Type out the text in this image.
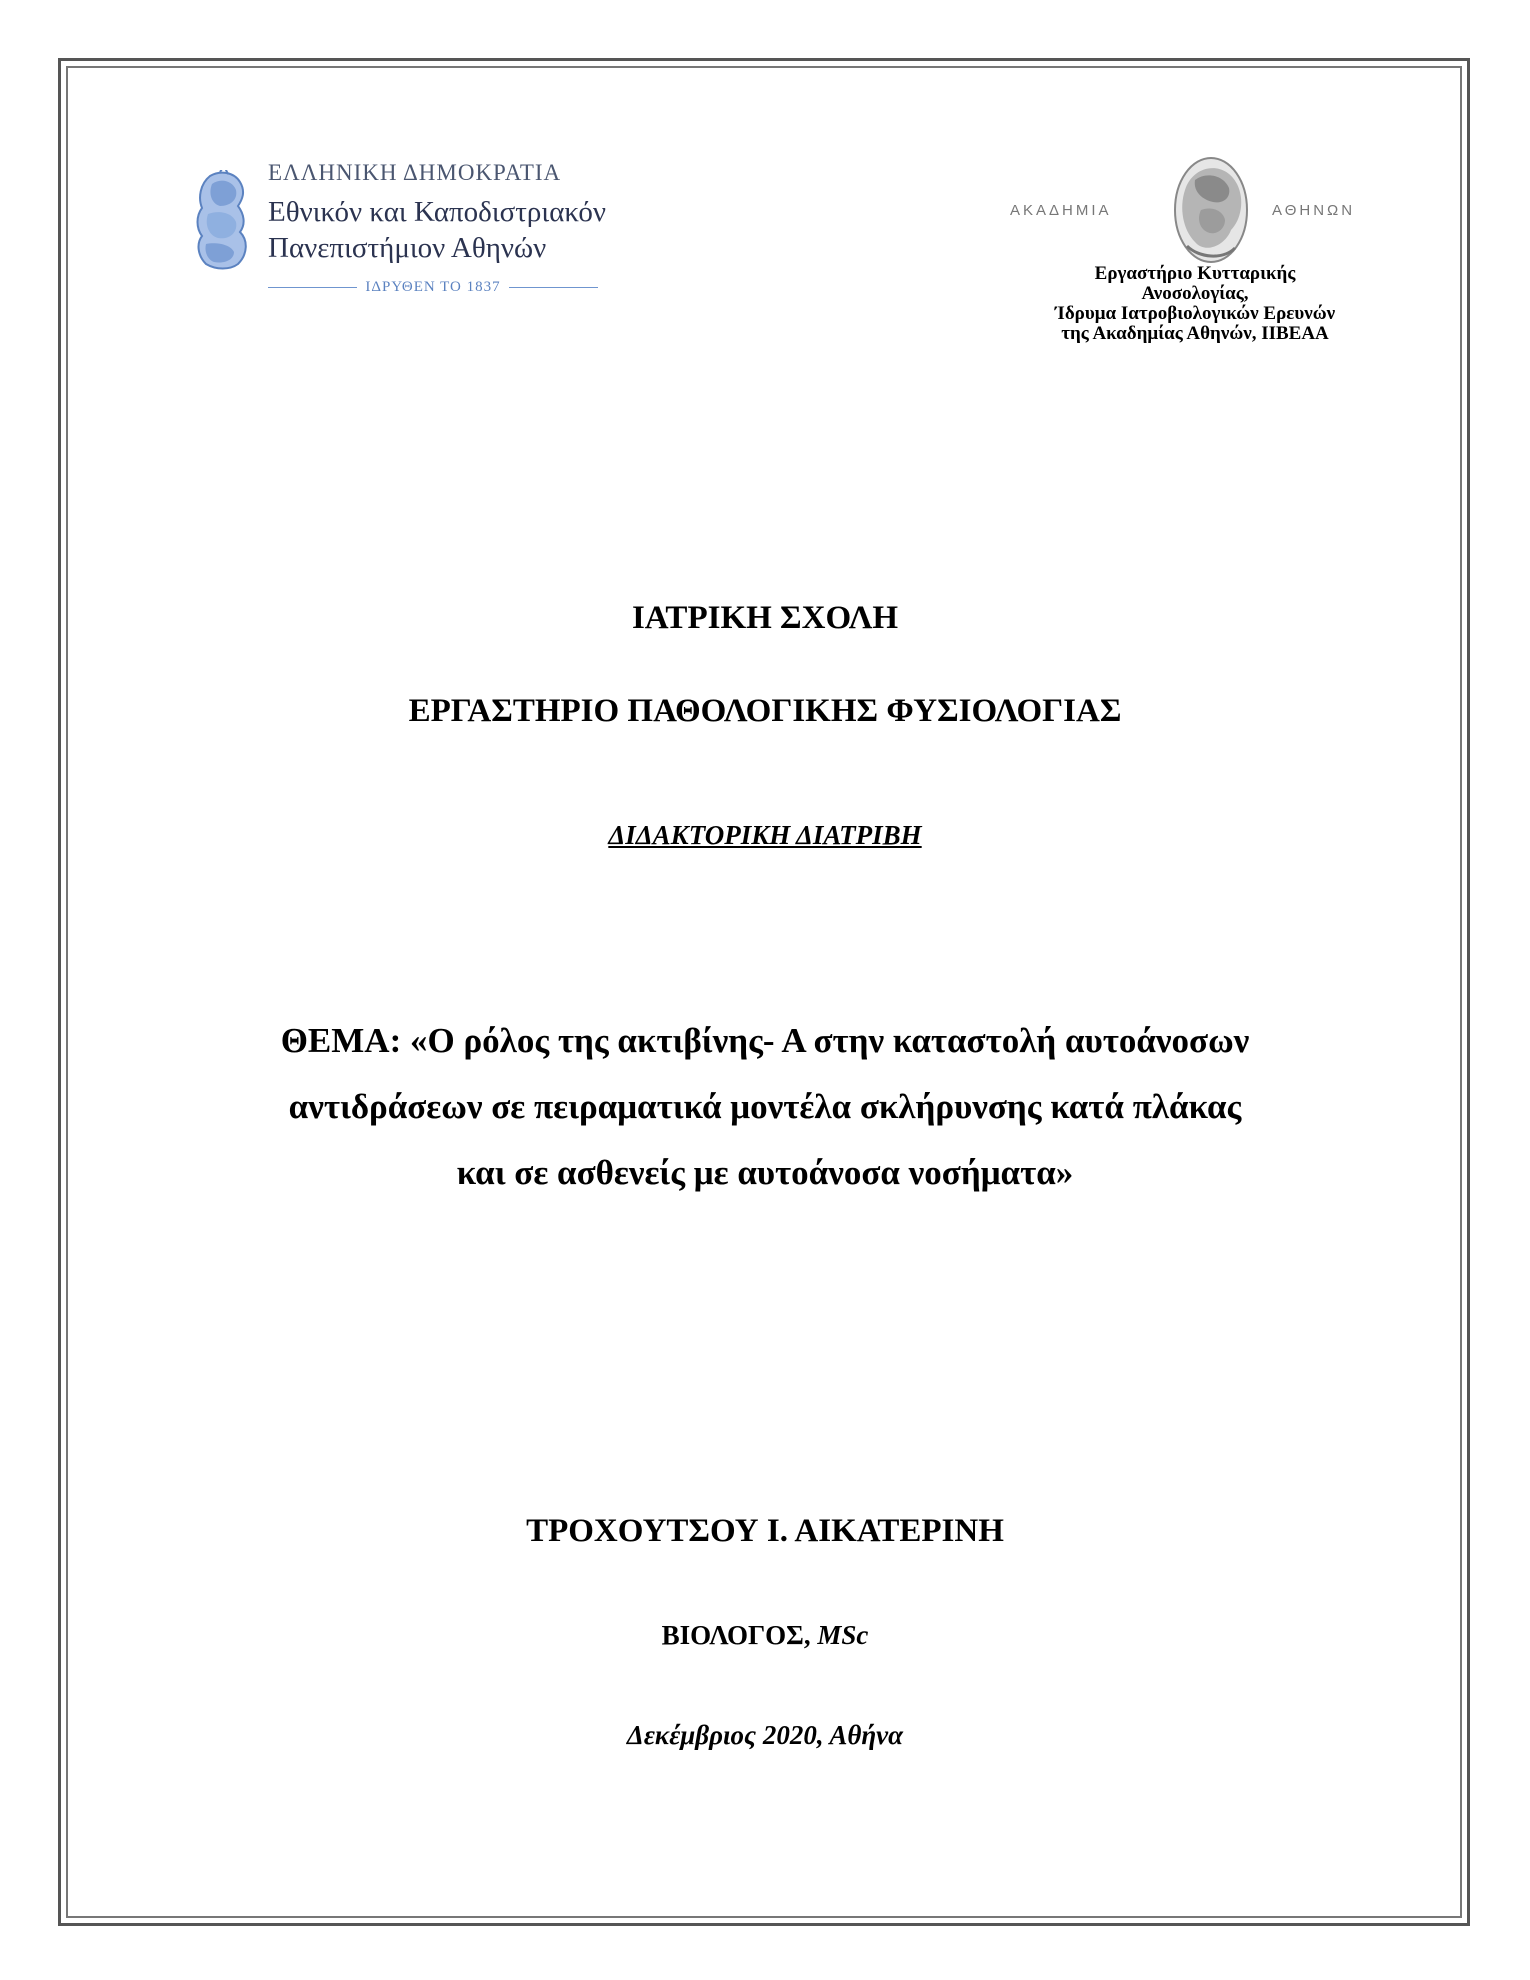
ΕΛΛΗΝΙΚΗ ΔΗΜΟΚΡΑΤΙΑ
Εθνικόν και Καποδιστριακόν
Πανεπιστήμιον Αθηνών
ΙΔΡΥΘΕΝ ΤΟ 1837
ΑΚΑΔΗΜΙΑ	ΑΘΗΝΩΝ
Εργαστήριο Κυτταρικής
Ανοσολογίας,
Ίδρυμα Ιατροβιολογικών Ερευνών
της Ακαδημίας Αθηνών, ΙΙΒΕΑΑ
ΙΑΤΡΙΚΗ ΣΧΟΛΗ
ΕΡΓΑΣΤΗΡΙΟ ΠΑΘΟΛΟΓΙΚΗΣ ΦΥΣΙΟΛΟΓΙΑΣ
ΔΙΔΑΚΤΟΡΙΚΗ ΔΙΑΤΡΙΒΗ
ΘΕΜΑ: «Ο ρόλος της ακτιβίνης- Α στην καταστολή αυτοάνοσων
αντιδράσεων σε πειραματικά μοντέλα σκλήρυνσης κατά πλάκας
και σε ασθενείς με αυτοάνοσα νοσήματα»
ΤΡΟΧΟΥΤΣΟΥ Ι. ΑΙΚΑΤΕΡΙΝΗ
ΒΙΟΛΟΓΟΣ, MSc
Δεκέμβριος 2020, Αθήνα
